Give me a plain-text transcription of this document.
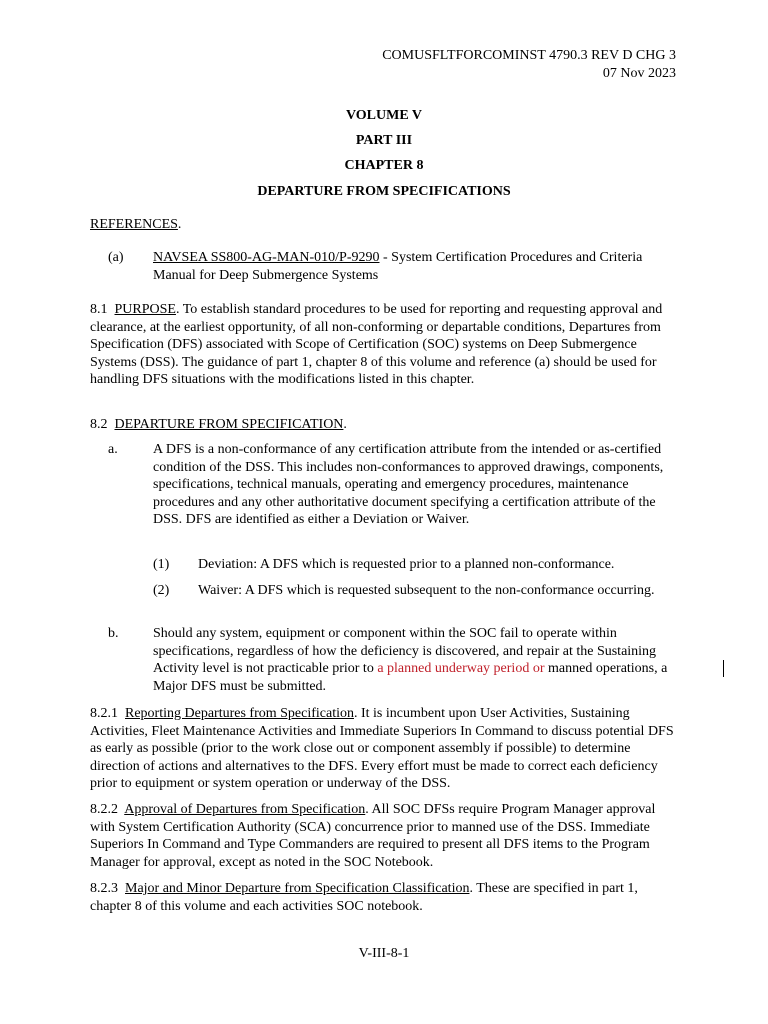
COMUSFLTFORCOMINST 4790.3 REV D CHG 3
07 Nov 2023
VOLUME V
PART III
CHAPTER 8
DEPARTURE FROM SPECIFICATIONS
REFERENCES.
(a) NAVSEA SS800-AG-MAN-010/P-9290 - System Certification Procedures and Criteria Manual for Deep Submergence Systems
8.1 PURPOSE. To establish standard procedures to be used for reporting and requesting approval and clearance, at the earliest opportunity, of all non-conforming or departable conditions, Departures from Specification (DFS) associated with Scope of Certification (SOC) systems on Deep Submergence Systems (DSS). The guidance of part 1, chapter 8 of this volume and reference (a) should be used for handling DFS situations with the modifications listed in this chapter.
8.2 DEPARTURE FROM SPECIFICATION.
a.	A DFS is a non-conformance of any certification attribute from the intended or as-certified condition of the DSS. This includes non-conformances to approved drawings, components, specifications, technical manuals, operating and emergency procedures, maintenance procedures and any other authoritative document specifying a certification attribute of the DSS. DFS are identified as either a Deviation or Waiver.
(1) Deviation: A DFS which is requested prior to a planned non-conformance.
(2) Waiver: A DFS which is requested subsequent to the non-conformance occurring.
b. Should any system, equipment or component within the SOC fail to operate within specifications, regardless of how the deficiency is discovered, and repair at the Sustaining Activity level is not practicable prior to a planned underway period or manned operations, a Major DFS must be submitted.
8.2.1 Reporting Departures from Specification. It is incumbent upon User Activities, Sustaining Activities, Fleet Maintenance Activities and Immediate Superiors In Command to discuss potential DFS as early as possible (prior to the work close out or component assembly if possible) to determine direction of actions and alternatives to the DFS. Every effort must be made to correct each deficiency prior to equipment or system operation or underway of the DSS.
8.2.2 Approval of Departures from Specification. All SOC DFSs require Program Manager approval with System Certification Authority (SCA) concurrence prior to manned use of the DSS. Immediate Superiors In Command and Type Commanders are required to present all DFS items to the Program Manager for approval, except as noted in the SOC Notebook.
8.2.3 Major and Minor Departure from Specification Classification. These are specified in part 1, chapter 8 of this volume and each activities SOC notebook.
V-III-8-1
